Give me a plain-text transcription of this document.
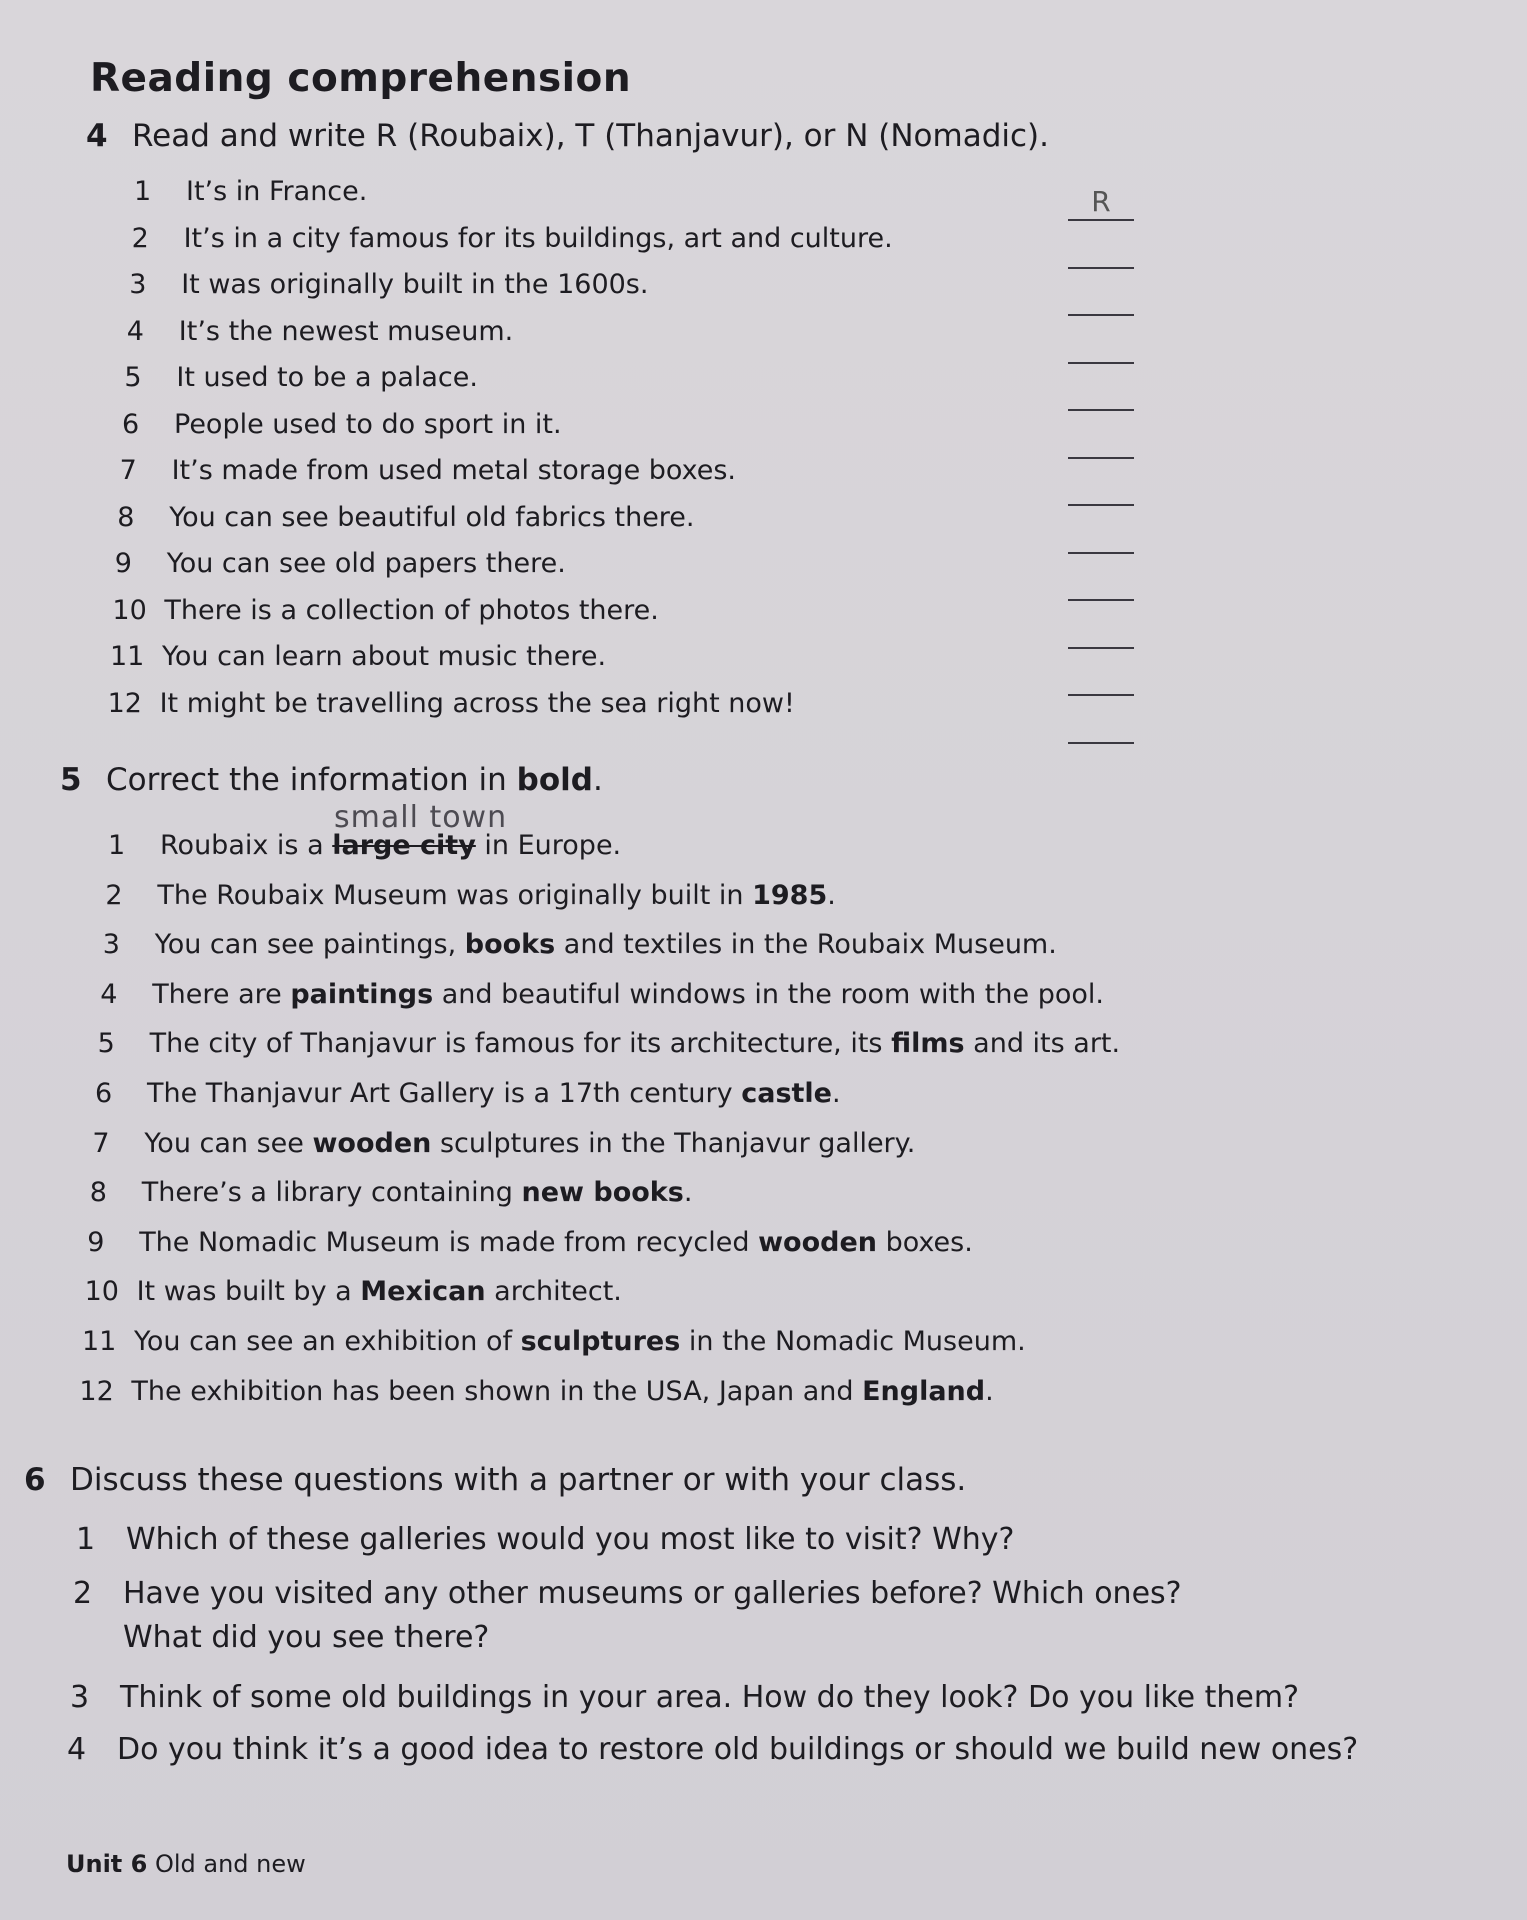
Reading comprehension
4 Read and write R (Roubaix), T (Thanjavur), or N (Nomadic).
1 It’s in France.	R
2 It’s in a city famous for its buildings, art and culture.
3 It was originally built in the 1600s.
4 It’s the newest museum.
5 It used to be a palace.
6 People used to do sport in it.
7 It’s made from used metal storage boxes.
8 You can see beautiful old fabrics there.
9 You can see old papers there.
10 There is a collection of photos there.
11 You can learn about music there.
12 It might be travelling across the sea right now!
5 Correct the information in bold.
small town
1 Roubaix is a large city in Europe.
2 The Roubaix Museum was originally built in 1985.
3 You can see paintings, books and textiles in the Roubaix Museum.
4 There are paintings and beautiful windows in the room with the pool.
5 The city of Thanjavur is famous for its architecture, its films and its art.
6 The Thanjavur Art Gallery is a 17th century castle.
7 You can see wooden sculptures in the Thanjavur gallery.
8 There’s a library containing new books.
9 The Nomadic Museum is made from recycled wooden boxes.
10 It was built by a Mexican architect.
11 You can see an exhibition of sculptures in the Nomadic Museum.
12 The exhibition has been shown in the USA, Japan and England.
6 Discuss these questions with a partner or with your class.
1 Which of these galleries would you most like to visit? Why?
2 Have you visited any other museums or galleries before? Which ones?
What did you see there?
3 Think of some old buildings in your area. How do they look? Do you like them?
4 Do you think it’s a good idea to restore old buildings or should we build new ones?
Unit 6 Old and new
